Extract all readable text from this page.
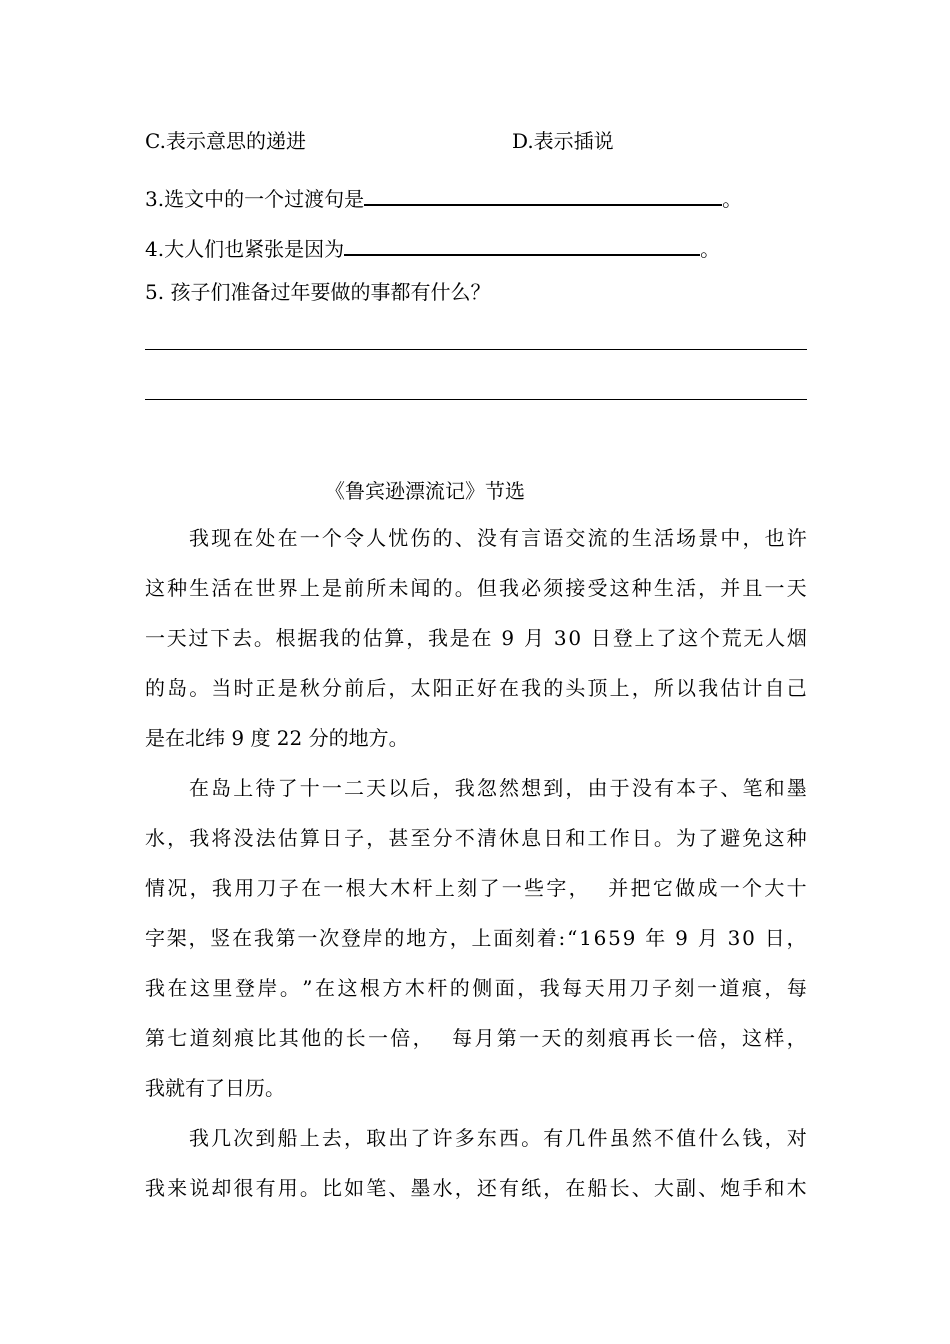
C.表示意思的递进	D.表示插说
3.选文中的一个过渡句是	。
4.大人们也紧张是因为	。
5. 孩子们准备过年要做的事都有什么？
《鲁宾逊漂流记》节选
我 现 在 处 在 一 个 令 人 忧 伤 的 、 没 有 言 语 交 流 的 生 活 场 景 中 ， 也 许
这 种 生 活 在 世 界 上 是 前 所 未 闻 的 。 但 我 必 须 接 受 这 种 生 活 ， 并 且 一 天
一 天 过 下 去 。 根 据 我 的 估 算 ， 我 是 在
9
月
3 0
日 登 上 了 这 个 荒 无 人 烟
的 岛 。 当 时 正 是 秋 分 前 后 ， 太 阳 正 好 在 我 的 头 顶 上 ， 所 以 我 估 计 自 己
是在北纬 9 度 22 分的地方。
在 岛 上 待 了 十 一 二 天 以 后 ， 我 忽 然 想 到 ， 由 于 没 有 本 子 、 笔 和 墨
水 ， 我 将 没 法 估 算 日 子 ， 甚 至 分 不 清 休 息 日 和 工 作 日 。 为 了 避 免 这 种
情 况 ， 我 用 刀 子 在 一 根 大 木 杆 上 刻 了 一 些 字 ，

并 把 它 做 成 一 个 大 十
字 架 ， 竖 在 我 第 一 次 登 岸 的 地 方 ， 上 面 刻 着 : “ 1 6 5 9
年
9
月
3 0
日 ，
我 在 这 里 登 岸 。 ” 在 这 根 方 木 杆 的 侧 面 ， 我 每 天 用 刀 子 刻 一 道 痕 ， 每
第 七 道 刻 痕 比 其 他 的 长 一 倍 ，

每 月 第 一 天 的 刻 痕 再 长 一 倍 ， 这 样 ，
我就有了日历。
我 几 次 到 船 上 去 ， 取 出 了 许 多 东 西 。 有 几 件 虽 然 不 值 什 么 钱 ， 对
我 来 说 却 很 有 用 。 比 如 笔 、 墨 水 ， 还 有 纸 ， 在 船 长 、 大 副 、 炮 手 和 木
